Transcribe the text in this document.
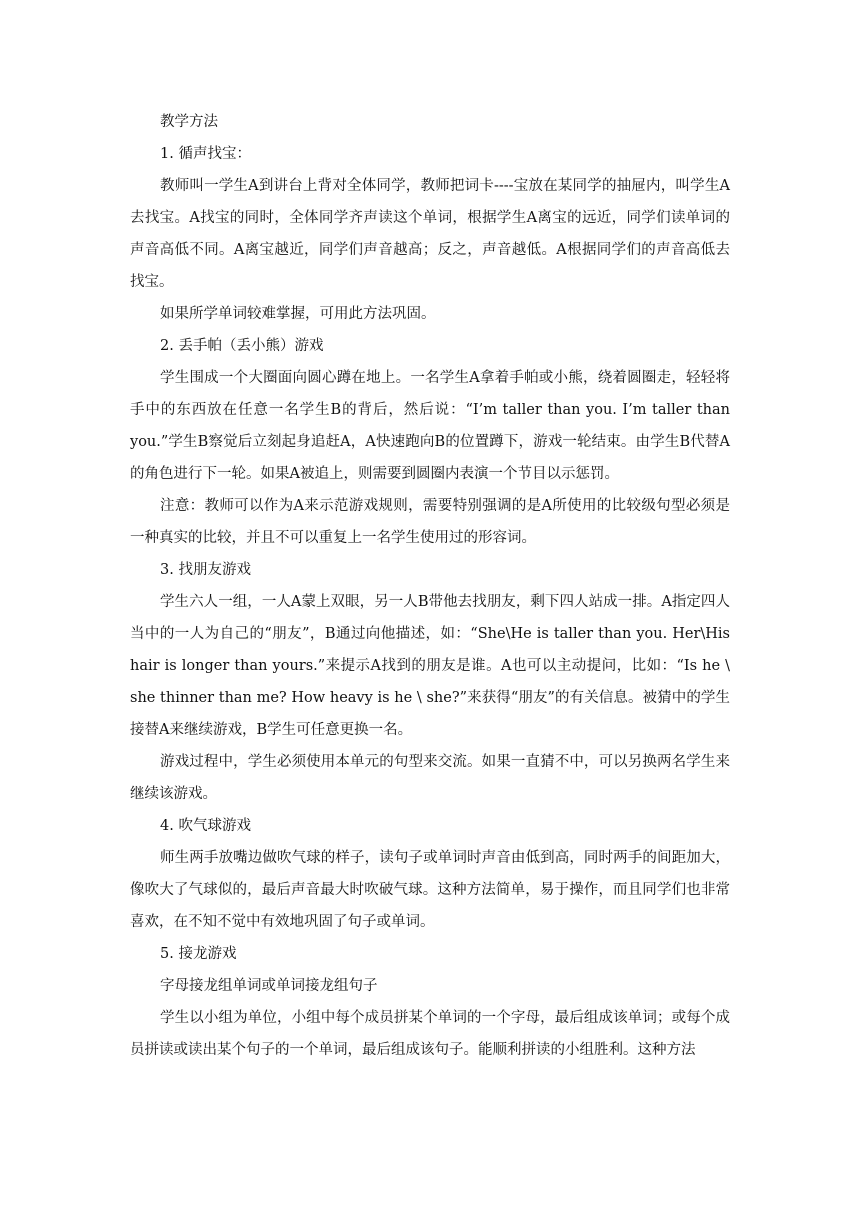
教学方法

1. 循声找宝：

教师叫一学生A到讲台上背对全体同学，教师把词卡----宝放在某同学的抽屉内，叫学生A去找宝。A找宝的同时，全体同学齐声读这个单词，根据学生A离宝的远近，同学们读单词的声音高低不同。A离宝越近，同学们声音越高；反之，声音越低。A根据同学们的声音高低去找宝。

如果所学单词较难掌握，可用此方法巩固。

2. 丢手帕（丢小熊）游戏

学生围成一个大圈面向圆心蹲在地上。一名学生A拿着手帕或小熊，绕着圆圈走，轻轻将手中的东西放在任意一名学生B的背后，然后说：“I’m taller than you. I’m taller than you.”学生B察觉后立刻起身追赶A，A快速跑向B的位置蹲下，游戏一轮结束。由学生B代替A的角色进行下一轮。如果A被追上，则需要到圆圈内表演一个节目以示惩罚。

注意：教师可以作为A来示范游戏规则，需要特别强调的是A所使用的比较级句型必须是一种真实的比较，并且不可以重复上一名学生使用过的形容词。

3. 找朋友游戏

学生六人一组，一人A蒙上双眼，另一人B带他去找朋友，剩下四人站成一排。A指定四人当中的一人为自己的“朋友”，B通过向他描述，如：“She\He is taller than you. Her\His hair is longer than yours.”来提示A找到的朋友是谁。A也可以主动提问，比如：“Is he \ she thinner than me? How heavy is he \ she?”来获得“朋友”的有关信息。被猜中的学生接替A来继续游戏，B学生可任意更换一名。

游戏过程中，学生必须使用本单元的句型来交流。如果一直猜不中，可以另换两名学生来继续该游戏。

4. 吹气球游戏

师生两手放嘴边做吹气球的样子，读句子或单词时声音由低到高，同时两手的间距加大，像吹大了气球似的，最后声音最大时吹破气球。这种方法简单，易于操作，而且同学们也非常喜欢，在不知不觉中有效地巩固了句子或单词。

5. 接龙游戏

字母接龙组单词或单词接龙组句子

学生以小组为单位，小组中每个成员拼某个单词的一个字母，最后组成该单词；或每个成员拼读或读出某个句子的一个单词，最后组成该句子。能顺利拼读的小组胜利。这种方法
